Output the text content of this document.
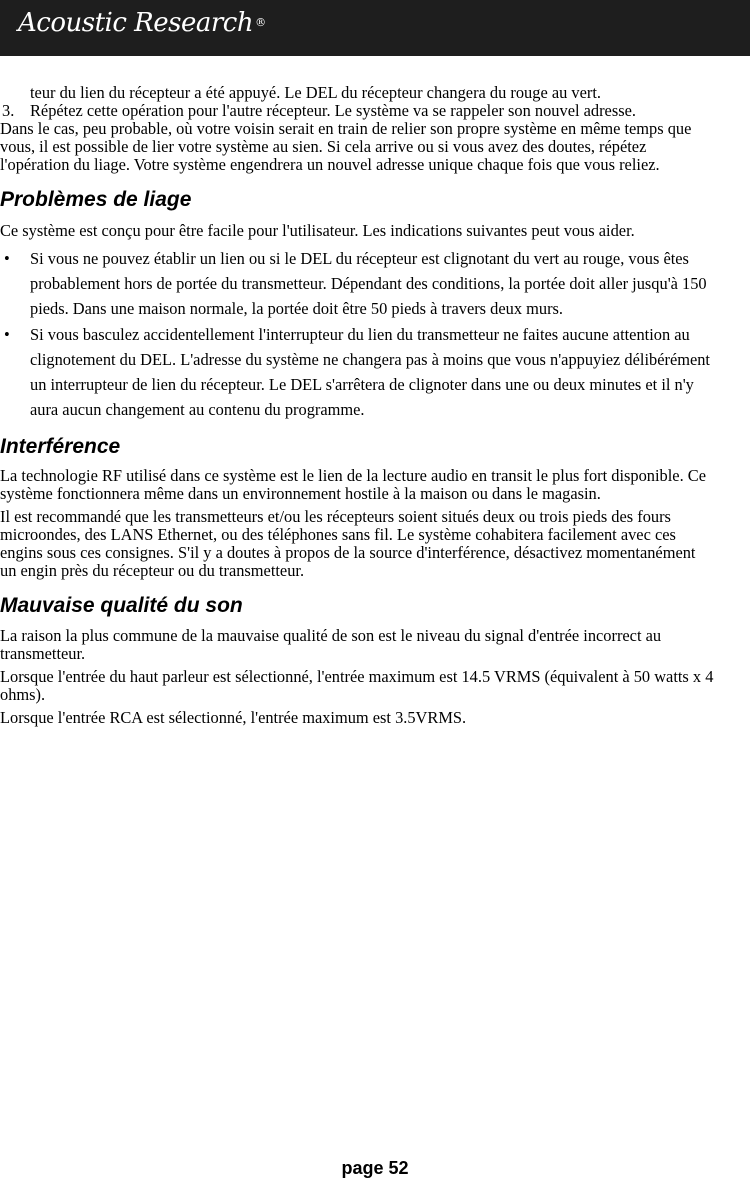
Acoustic Research ®

teur du lien du récepteur a été appuyé. Le DEL du récepteur changera du rouge au vert.

3. Répétez cette opération pour l'autre récepteur. Le système va se rappeler son nouvel adresse.

Dans le cas, peu probable, où votre voisin serait en train de relier son propre système en même temps que vous, il est possible de lier votre système au sien. Si cela arrive ou si vous avez des doutes, répétez l'opération du liage. Votre système engendrera un nouvel adresse unique chaque fois que vous reliez.

Problèmes de liage

Ce système est conçu pour être facile pour l'utilisateur. Les indications suivantes peut vous aider.

• Si vous ne pouvez établir un lien ou si le DEL du récepteur est clignotant du vert au rouge, vous êtes probablement hors de portée du transmetteur. Dépendant des conditions, la portée doit aller jusqu'à 150 pieds. Dans une maison normale, la portée doit être 50 pieds à travers deux murs.
• Si vous basculez accidentellement l'interrupteur du lien du transmetteur ne faites aucune attention au clignotement du DEL. L'adresse du système ne changera pas à moins que vous n'appuyiez délibérément un interrupteur de lien du récepteur. Le DEL s'arrêtera de clignoter dans une ou deux minutes et il n'y aura aucun changement au contenu du programme.
Interférence

La technologie RF utilisé dans ce système est le lien de la lecture audio en transit le plus fort disponible. Ce système fonctionnera même dans un environnement hostile à la maison ou dans le magasin.

Il est recommandé que les transmetteurs et/ou les récepteurs soient situés deux ou trois pieds des fours microondes, des LANS Ethernet, ou des téléphones sans fil. Le système cohabitera facilement avec ces engins sous ces consignes. S'il y a doutes à propos de la source d'interférence, désactivez momentanément un engin près du récepteur ou du transmetteur.

Mauvaise qualité du son

La raison la plus commune de la mauvaise qualité de son est le niveau du signal d'entrée incorrect au transmetteur.

Lorsque l'entrée du haut parleur est sélectionné, l'entrée maximum est 14.5 VRMS (équivalent à 50 watts x 4 ohms).

Lorsque l'entrée RCA est sélectionné, l'entrée maximum est 3.5VRMS.

page 52
